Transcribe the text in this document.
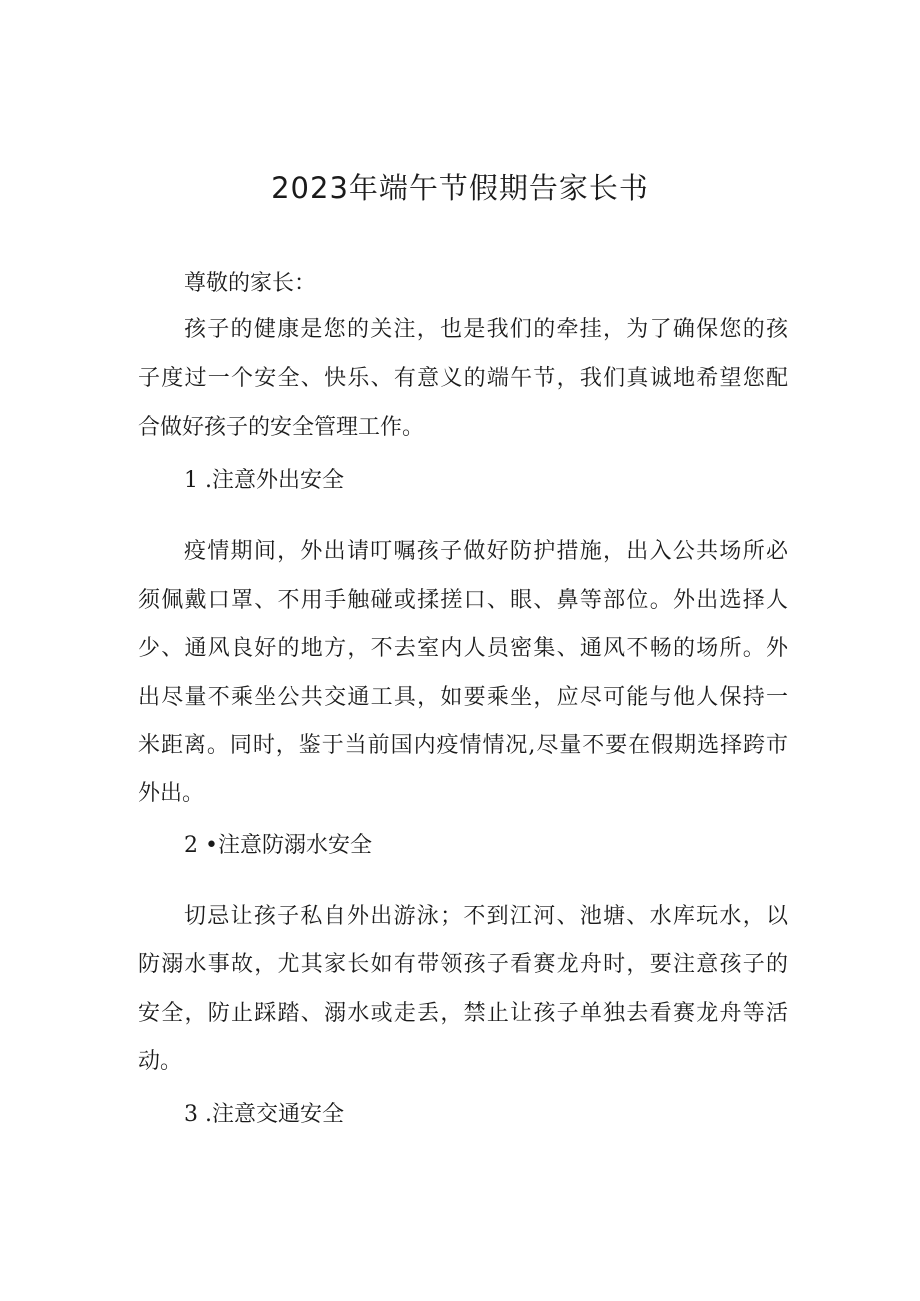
2023年端午节假期告家长书

尊敬的家长：

孩子的健康是您的关注，也是我们的牵挂，为了确保您的孩

子度过一个安全、快乐、有意义的端午节，我们真诚地希望您配

合做好孩子的安全管理工作。

1 .注意外出安全

疫情期间，外出请叮嘱孩子做好防护措施，出入公共场所必

须佩戴口罩、不用手触碰或揉搓口、眼、鼻等部位。外出选择人

少、通风良好的地方，不去室内人员密集、通风不畅的场所。外

出尽量不乘坐公共交通工具，如要乘坐，应尽可能与他人保持一

米距离。同时，鉴于当前国内疫情情况,尽量不要在假期选择跨市

外出。

2 •注意防溺水安全

切忌让孩子私自外出游泳；不到江河、池塘、水库玩水，以

防溺水事故，尤其家长如有带领孩子看赛龙舟时，要注意孩子的

安全，防止踩踏、溺水或走丢，禁止让孩子单独去看赛龙舟等活

动。

3 .注意交通安全
